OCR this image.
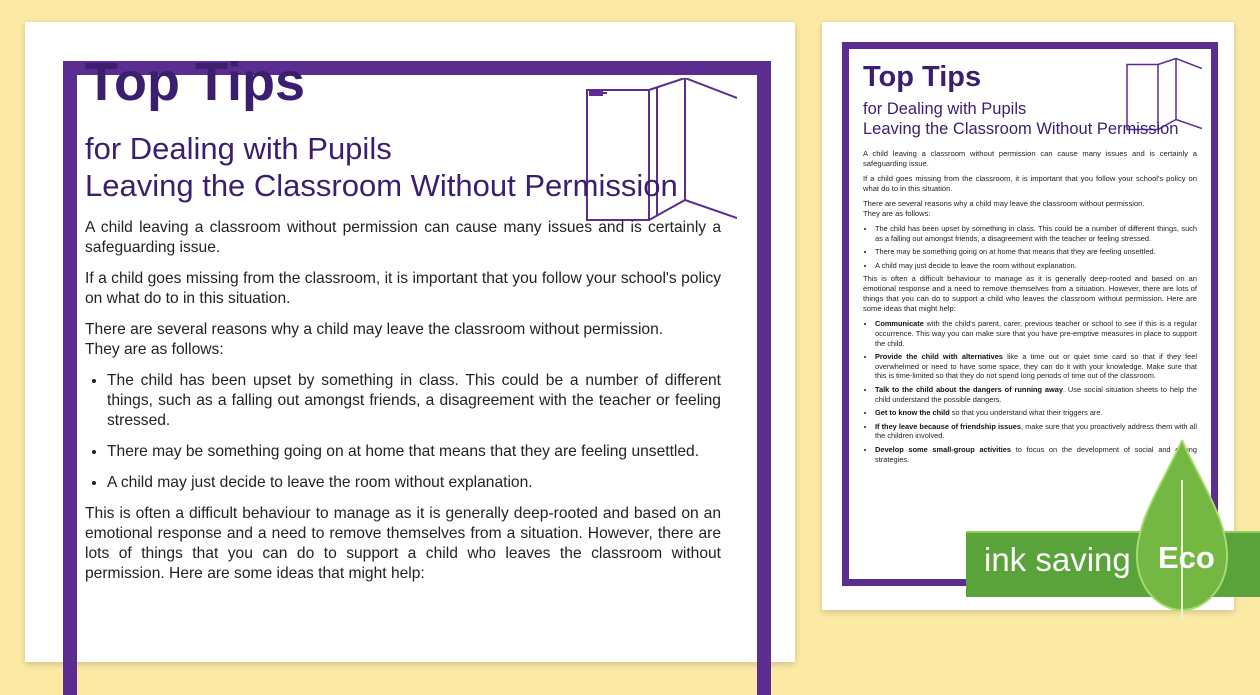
Top Tips

for Dealing with Pupils
Leaving the Classroom Without Permission

A child leaving a classroom without permission can cause many issues and is certainly a safeguarding issue.

If a child goes missing from the classroom, it is important that you follow your school's policy on what do to in this situation.

There are several reasons why a child may leave the classroom without permission.
They are as follows:

• The child has been upset by something in class. This could be a number of different things, such as a falling out amongst friends, a disagreement with the teacher or feeling stressed.
• There may be something going on at home that means that they are feeling unsettled.
• A child may just decide to leave the room without explanation.

This is often a difficult behaviour to manage as it is generally deep-rooted and based on an emotional response and a need to remove themselves from a situation. However, there are lots of things that you can do to support a child who leaves the classroom without permission. Here are some ideas that might help:

Top Tips

for Dealing with Pupils
Leaving the Classroom Without Permission

A child leaving a classroom without permission can cause many issues and is certainly a safeguarding issue.

If a child goes missing from the classroom, it is important that you follow your school's policy on what do to in this situation.

There are several reasons why a child may leave the classroom without permission.
They are as follows:

• The child has been upset by something in class. This could be a number of different things, such as a falling out amongst friends, a disagreement with the teacher or feeling stressed.
• There may be something going on at home that means that they are feeling unsettled.
• A child may just decide to leave the room without explanation.

This is often a difficult behaviour to manage as it is generally deep-rooted and based on an emotional response and a need to remove themselves from a situation. However, there are lots of things that you can do to support a child who leaves the classroom without permission. Here are some ideas that might help:

• Communicate with the child's parent, carer, previous teacher or school to see if this is a regular occurrence. This way you can make sure that you have pre-emptive measures in place to support the child.
• Provide the child with alternatives like a time out or quiet time card so that if they feel overwhelmed or need to have some space, they can do it with your knowledge. Make sure that this is time-limited so that they do not spend long periods of time out of the classroom.
• Talk to the child about the dangers of running away. Use social situation sheets to help the child understand the possible dangers.
• Get to know the child so that you understand what their triggers are.
• If they leave because of friendship issues, make sure that you proactively address them with all the children involved.
• Develop some small-group activities to focus on the development of social and coping strategies.
ink saving Eco
